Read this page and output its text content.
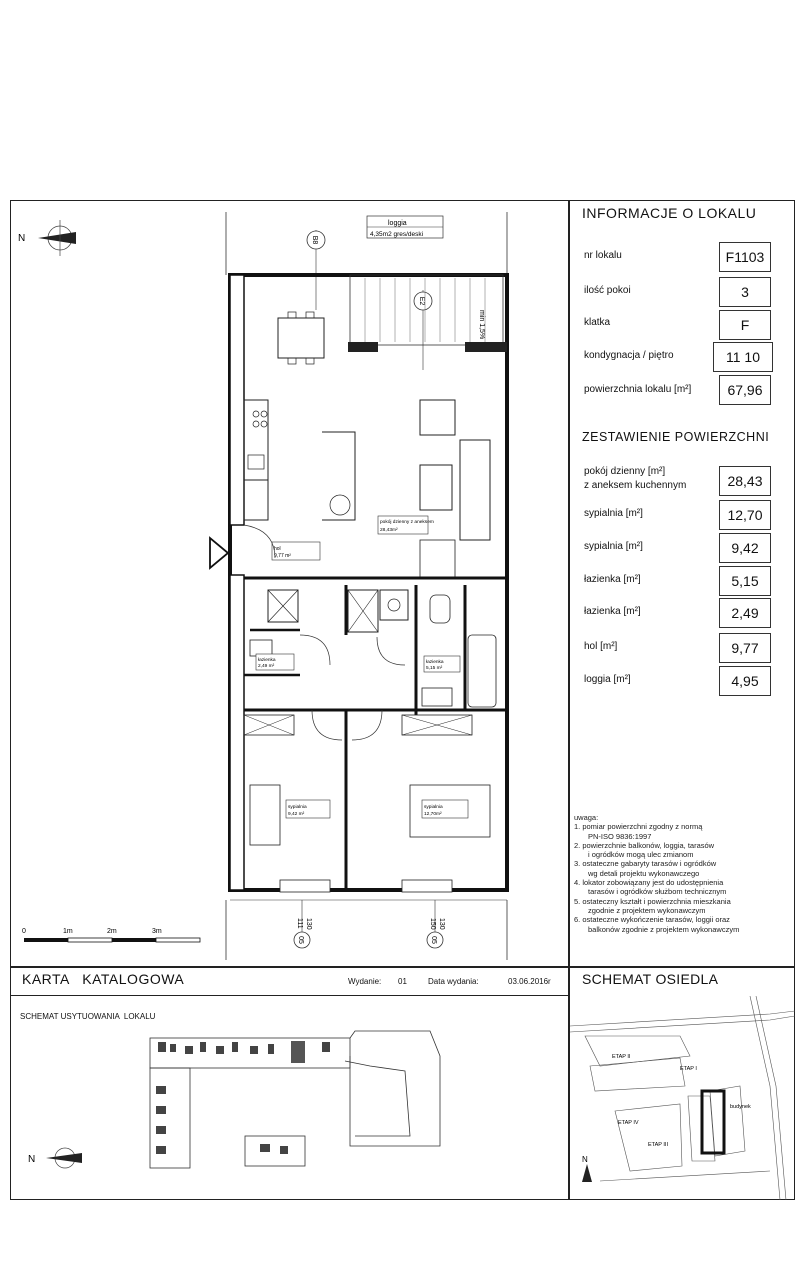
INFORMACJE O LOKALU
nr lokalu	F1103
ilość pokoi	3
klatka	F
kondygnacja / piętro	11 10
powierzchnia lokalu [m²]	67,96
ZESTAWIENIE POWIERZCHNI
pokój dzienny [m²]
z aneksem kuchennym	28,43
sypialnia [m²]	12,70
sypialnia [m²]	9,42
łazienka [m²]	5,15
łazienka [m²]	2,49
hol [m²]	9,77
loggia [m²]	4,95
uwaga:
1. pomiar powierzchni zgodny z normą
PN-ISO 9836:1997
2. powierzchnie balkonów, loggia, tarasów
i ogródków mogą ulec zmianom
3. ostateczne gabaryty tarasów i ogródków
wg detali projektu wykonawczego
4. lokator zobowiązany jest do udostępnienia
tarasów i ogródków służbom technicznym
5. ostateczny kształt i powierzchnia mieszkania
zgodnie z projektem wykonawczym
6. ostateczne wykończenie tarasów, loggii oraz
balkonów zgodnie z projektem wykonawczym
N
loggia
4,35m2 gres/deski
B8
E2
min 1,5%
pokój dzienny z aneksem
28,43m²
hol
9,77 m²
łazienka
2,49 m²
łazienka
5,15 m²
sypialnia
9,42 m²
sypialnia
12,70m²
111 130	150 130
05	05
0	1m	2m	3m
KARTA   KATALOGOWA	Wydanie: 01	Data wydania:	03.06.2016r SCHEMAT OSIEDLA
SCHEMAT USYTUOWANIA  LOKALU
N
ETAP II
ETAP I
ETAP IV
ETAP III
budynek
N
